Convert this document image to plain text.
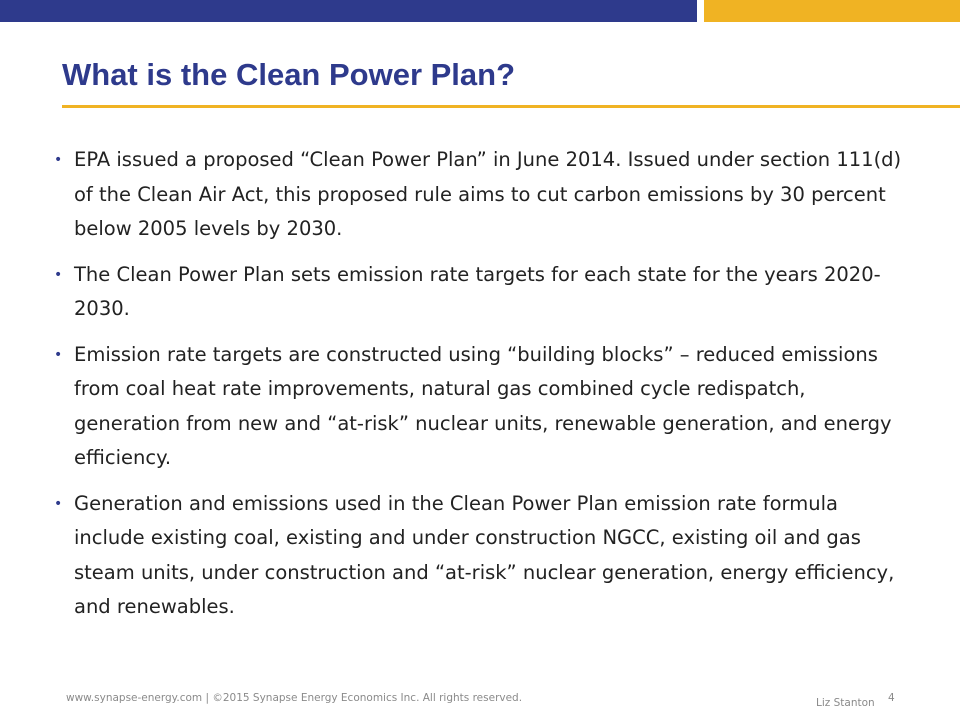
What is the Clean Power Plan?
• EPA issued a proposed “Clean Power Plan” in June 2014. Issued under section 111(d) of the Clean Air Act, this proposed rule aims to cut carbon emissions by 30 percent below 2005 levels by 2030.
• The Clean Power Plan sets emission rate targets for each state for the years 2020-2030.
• Emission rate targets are constructed using “building blocks” – reduced emissions from coal heat rate improvements, natural gas combined cycle redispatch, generation from new and “at-risk” nuclear units, renewable generation, and energy efficiency.
• Generation and emissions used in the Clean Power Plan emission rate formula include existing coal, existing and under construction NGCC, existing oil and gas steam units, under construction and “at-risk” nuclear generation, energy efficiency, and renewables.
www.synapse-energy.com | ©2015 Synapse Energy Economics Inc. All rights reserved.	Liz Stanton 4
